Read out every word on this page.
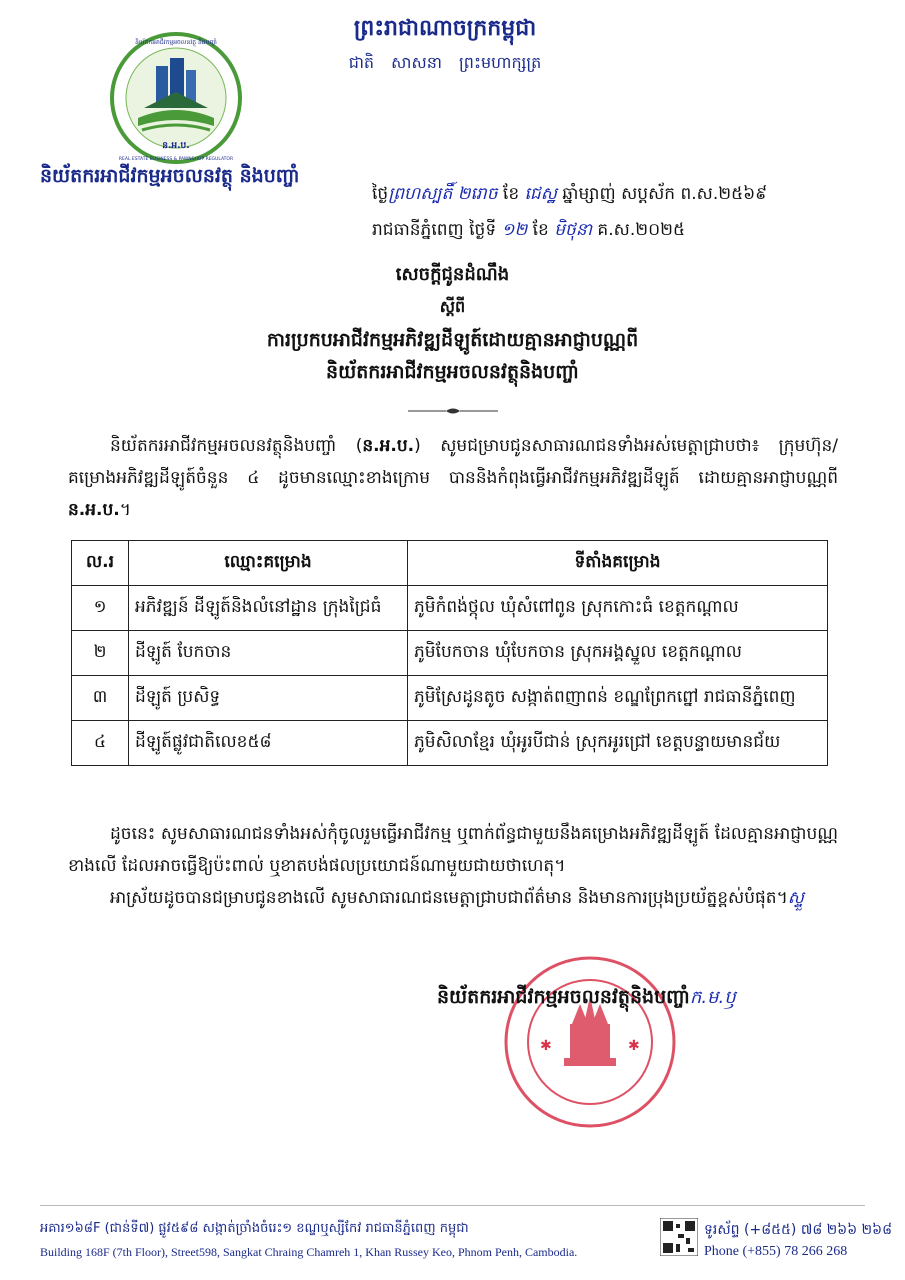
ន.អ.ប.
និយ័តករអាជីវកម្មអចលនវត្ថុ និងបញ្ចាំ
REAL ESTATE BUSINESS & PAWNSHOP REGULATOR
និយ័តករអាជីវកម្មអចលនវត្ថុ និងបញ្ចាំ
ព្រះរាជាណាចក្រកម្ពុជា
ជាតិ សាសនា ព្រះមហាក្សត្រ
ថ្ងៃព្រហស្បតិ៍ ២រោច ខែ ជេស្ឋ ឆ្នាំម្សាញ់ សប្តស័ក ព.ស.២៥៦៩
រាជធានីភ្នំពេញ ថ្ងៃទី ១២ ខែ មិថុនា គ.ស.២០២៥
សេចក្តីជូនដំណឹង
ស្តីពី
ការប្រកបអាជីវកម្មអភិវឌ្ឍដីឡូត៍ដោយគ្មានអាជ្ញាបណ្ណពី
និយ័តករអាជីវកម្មអចលនវត្ថុនិងបញ្ចាំ
និយ័តករអាជីវកម្មអចលនវត្ថុនិងបញ្ចាំ (ន.អ.ប.) សូមជម្រាបជូនសាធារណជនទាំងអស់មេត្តាជ្រាបថា៖ ក្រុមហ៊ុន/គម្រោងអភិវឌ្ឍដីឡូត៍ចំនួន ៤ ដូចមានឈ្មោះខាងក្រោម បាននិងកំពុងធ្វើអាជីវកម្មអភិវឌ្ឍដីឡូត៍ ដោយគ្មានអាជ្ញាបណ្ណពី ន.អ.ប.។
ល.រ	ឈ្មោះគម្រោង	ទីតាំងគម្រោង
១	អភិវឌ្ឍន៍ ដីឡូត៍និងលំនៅដ្ឋាន ក្រុងជ្រៃធំ	ភូមិកំពង់ថ្កុល ឃុំសំពៅពូន ស្រុកកោះធំ ខេត្តកណ្តាល
២	ដីឡូត៍ បែកចាន	ភូមិបែកចាន ឃុំបែកចាន ស្រុកអង្គស្នួល ខេត្តកណ្តាល
៣	ដីឡូត៍ ប្រសិទ្ធ	ភូមិស្រែដូនតូច សង្កាត់ពញាពន់ ខណ្ឌព្រែកព្នៅ រាជធានីភ្នំពេញ
៤	ដីឡូត៍ផ្លូវជាតិលេខ៥៨	ភូមិសិលាខ្មែរ ឃុំអូរបីជាន់ ស្រុកអូរជ្រៅ ខេត្តបន្ទាយមានជ័យ
ដូចនេះ សូមសាធារណជនទាំងអស់កុំចូលរួមធ្វើអាជីវកម្ម ឬពាក់ព័ន្ធជាមួយនឹងគម្រោងអភិវឌ្ឍដីឡូត៍ ដែលគ្មានអាជ្ញាបណ្ណខាងលើ ដែលអាចធ្វើឱ្យប៉ះពាល់ ឬខាតបង់ផលប្រយោជន៍ណាមួយជាយថាហេតុ។
អាស្រ័យដូចបានជម្រាបជូនខាងលើ សូមសាធារណជនមេត្តាជ្រាបជាព័ត៌មាន និងមានការប្រុងប្រយ័ត្នខ្ពស់បំផុត។ស្ទួ
✱	✱
និយ័តករអាជីវកម្មអចលនវត្ថុនិងបញ្ចាំក.ម.ឫ
អគារ១៦៨F (ជាន់ទី៧) ផ្លូវ៥៩៨ សង្កាត់ច្រាំងចំរេះ១ ខណ្ឌឬស្សីកែវ រាជធានីភ្នំពេញ កម្ពុជា
Building 168F (7th Floor), Street598, Sangkat Chraing Chamreh 1, Khan Russey Keo, Phnom Penh, Cambodia.
ទូរស័ព្ទ (+៨៥៥) ៧៨ ២៦៦ ២៦៨
Phone (+855) 78 266 268
